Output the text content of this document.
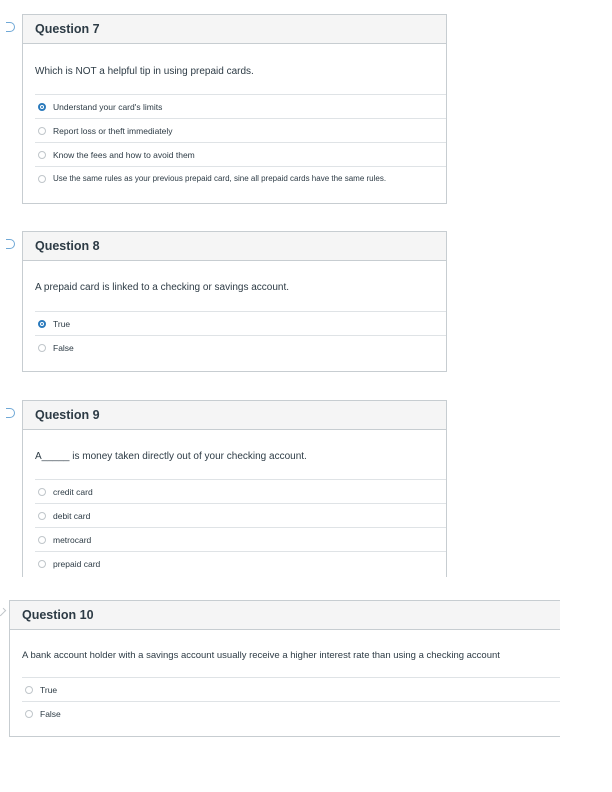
Question 7
Which is NOT a helpful tip in using prepaid cards.
Understand your card's limits
Report loss or theft immediately
Know the fees and how to avoid them
Use the same rules as your previous prepaid card, sine all prepaid cards have the same rules.
Question 8
A prepaid card is linked to a checking or savings account.
True
False
Question 9
A_____ is money taken directly out of your checking account.
credit card
debit card
metrocard
prepaid card
Question 10
A bank account holder with a savings account usually receive a higher interest rate than using a checking account
True
False
